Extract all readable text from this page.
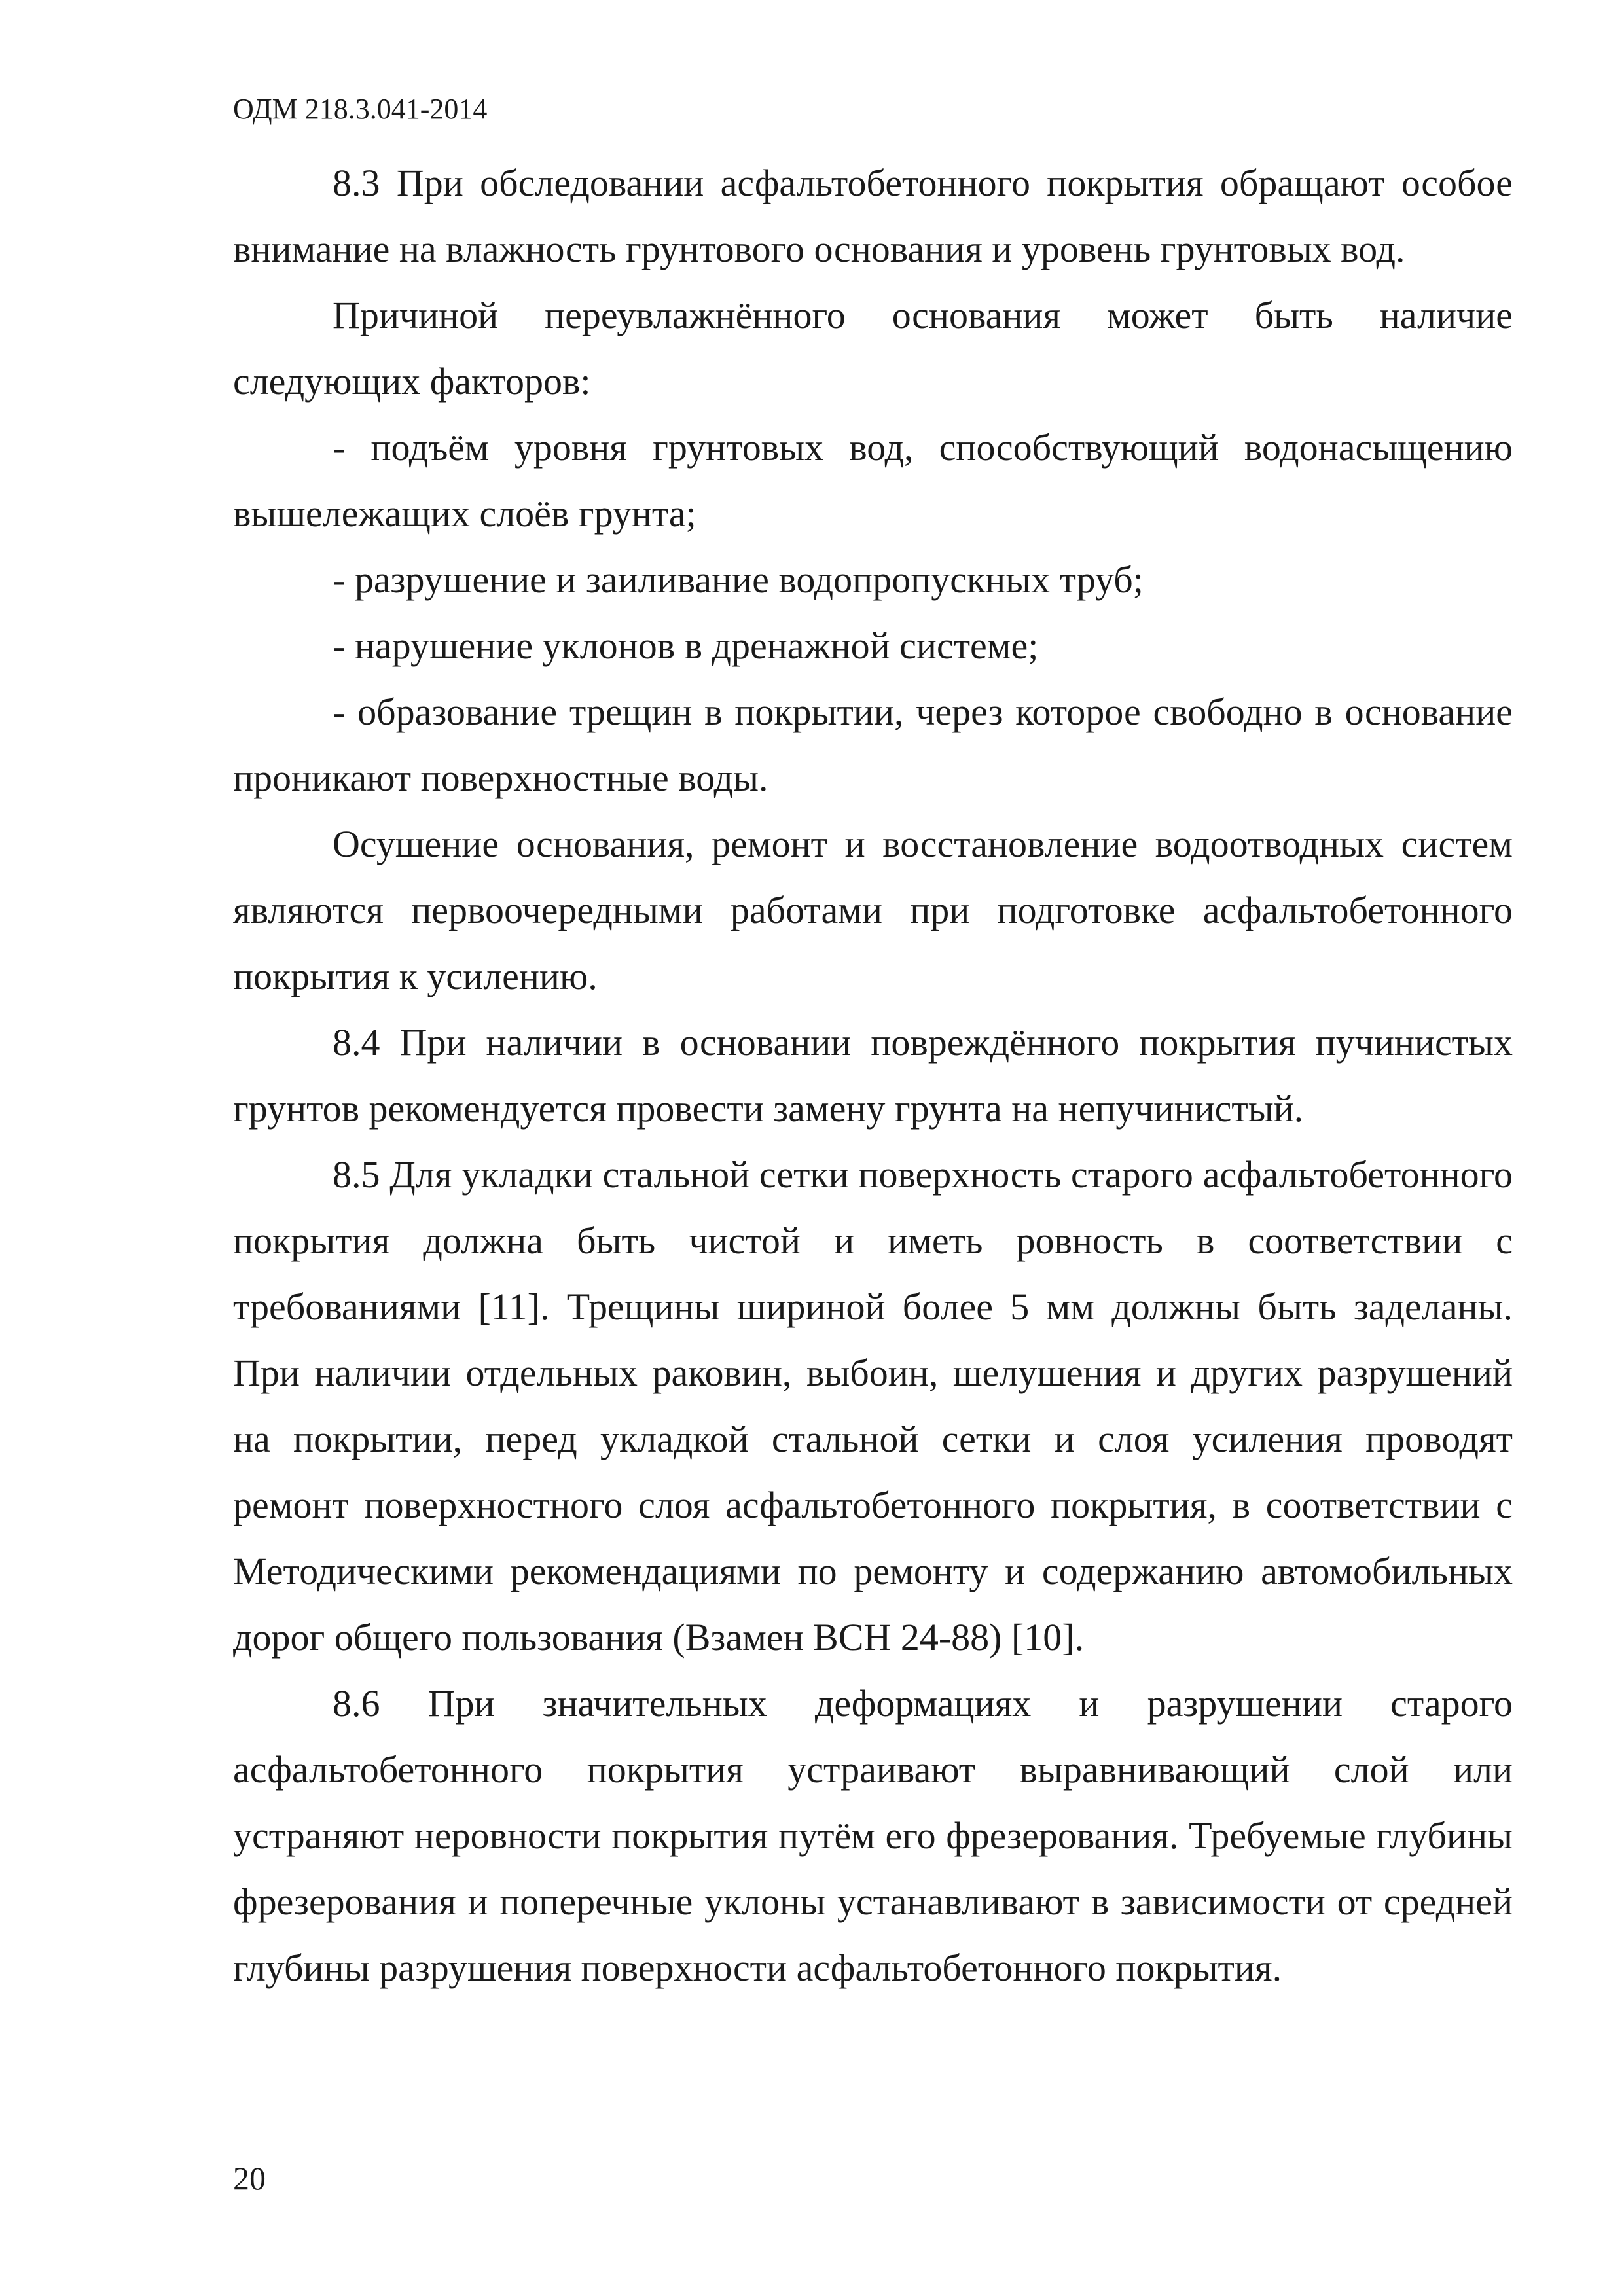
ОДМ 218.3.041-2014

8.3 При обследовании асфальтобетонного покрытия обращают особое внимание на влажность грунтового основания и уровень грунтовых вод.

Причиной переувлажнённого основания может быть наличие следующих факторов:

- подъём уровня грунтовых вод, способствующий водонасыщению вышележащих слоёв грунта;

- разрушение и заиливание водопропускных труб;

- нарушение уклонов в дренажной системе;

- образование трещин в покрытии, через которое свободно в основание проникают поверхностные воды.

Осушение основания, ремонт и восстановление водоотводных систем являются первоочередными работами при подготовке асфальтобетонного покрытия к усилению.

8.4 При наличии в основании повреждённого покрытия пучинистых грунтов рекомендуется провести замену грунта на непучинистый.

8.5 Для укладки стальной сетки поверхность старого асфальтобетонного покрытия должна быть чистой и иметь ровность в соответствии с требованиями [11]. Трещины шириной более 5 мм должны быть заделаны. При наличии отдельных раковин, выбоин, шелушения и других разрушений на покрытии, перед укладкой стальной сетки и слоя усиления проводят ремонт поверхностного слоя асфальтобетонного покрытия, в соответствии с Методическими рекомендациями по ремонту и содержанию автомобильных дорог общего пользования (Взамен ВСН 24-88) [10].

8.6 При значительных деформациях и разрушении старого асфальтобетонного покрытия устраивают выравнивающий слой или устраняют неровности покрытия путём его фрезерования. Требуемые глубины фрезерования и поперечные уклоны устанавливают в зависимости от средней глубины разрушения поверхности асфальтобетонного покрытия.

20
